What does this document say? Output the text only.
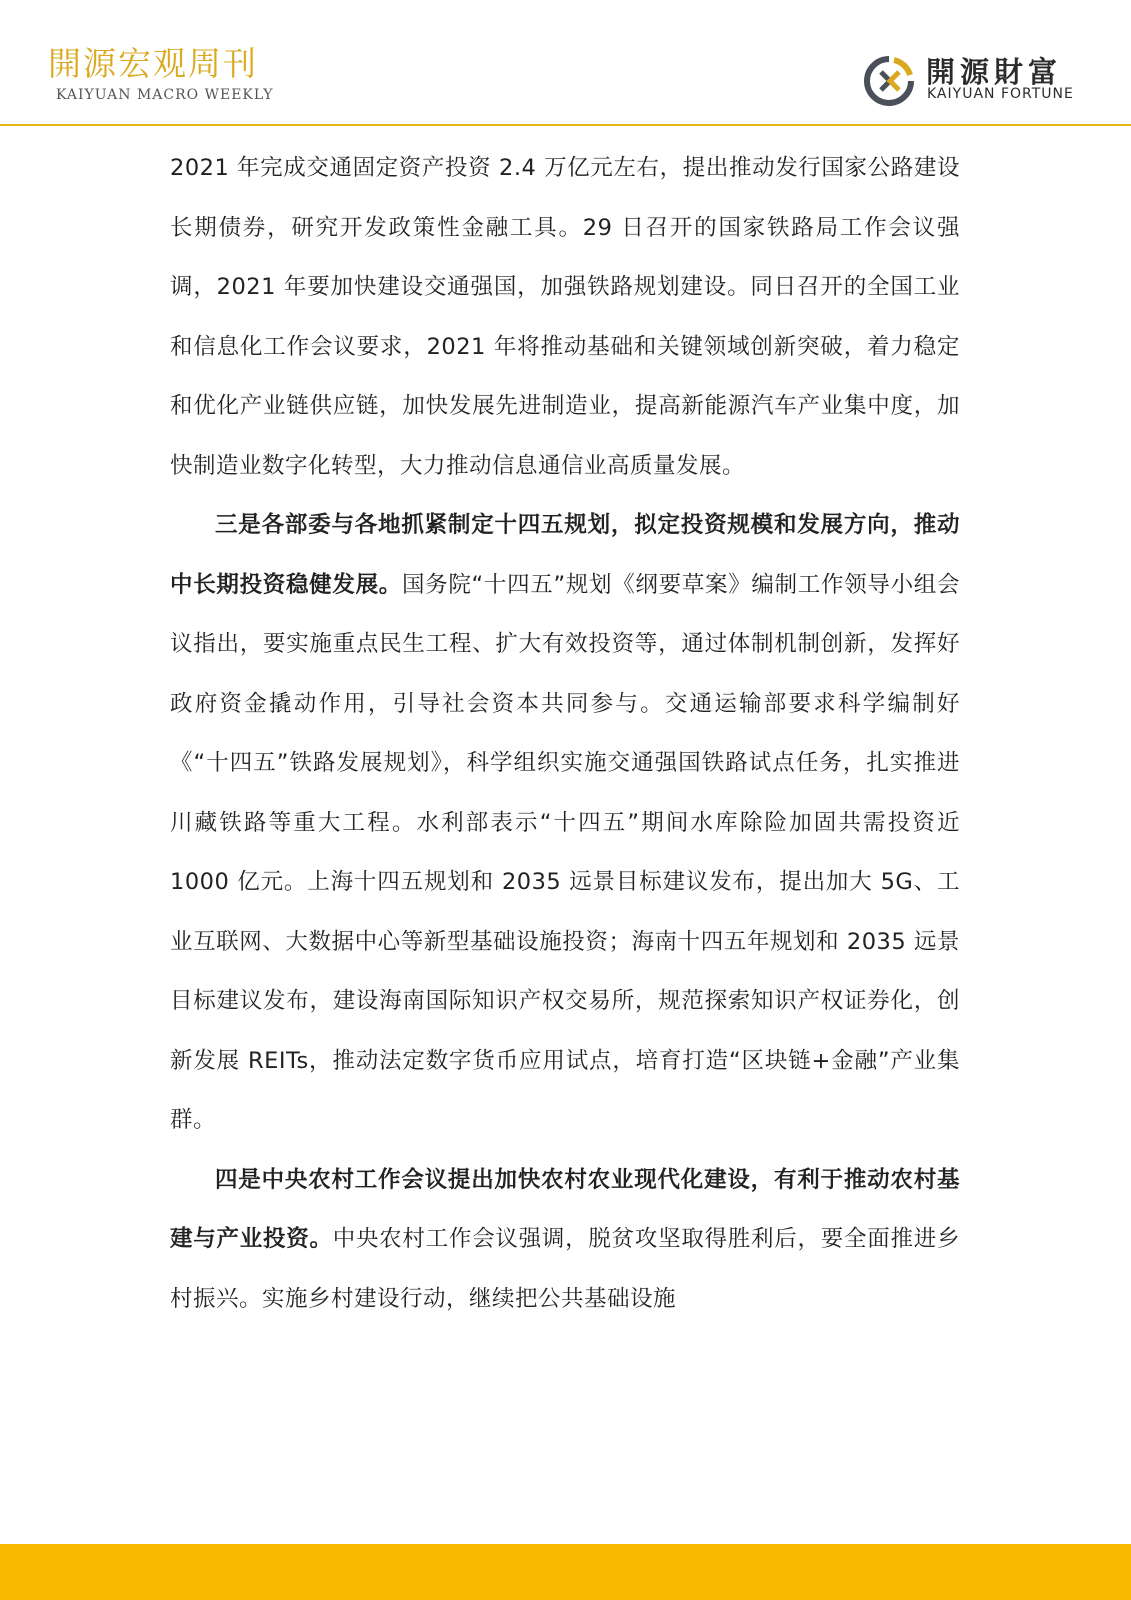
開源宏观周刊
KAIYUAN MACRO WEEKLY
開源財富
KAIYUAN FORTUNE

2021 年完成交通固定资产投资 2.4 万亿元左右，提出推动发行国家公路建设长期债券，研究开发政策性金融工具。29 日召开的国家铁路局工作会议强调，2021 年要加快建设交通强国，加强铁路规划建设。同日召开的全国工业和信息化工作会议要求，2021 年将推动基础和关键领域创新突破，着力稳定和优化产业链供应链，加快发展先进制造业，提高新能源汽车产业集中度，加快制造业数字化转型，大力推动信息通信业高质量发展。

三是各部委与各地抓紧制定十四五规划，拟定投资规模和发展方向，推动中长期投资稳健发展。国务院“十四五”规划《纲要草案》编制工作领导小组会议指出，要实施重点民生工程、扩大有效投资等，通过体制机制创新，发挥好政府资金撬动作用，引导社会资本共同参与。交通运输部要求科学编制好《“十四五”铁路发展规划》，科学组织实施交通强国铁路试点任务，扎实推进川藏铁路等重大工程。水利部表示“十四五”期间水库除险加固共需投资近 1000 亿元。上海十四五规划和 2035 远景目标建议发布，提出加大 5G、工业互联网、大数据中心等新型基础设施投资；海南十四五年规划和 2035 远景目标建议发布，建设海南国际知识产权交易所，规范探索知识产权证券化，创新发展 REITs，推动法定数字货币应用试点，培育打造“区块链+金融”产业集群。

四是中央农村工作会议提出加快农村农业现代化建设，有利于推动农村基建与产业投资。中央农村工作会议强调，脱贫攻坚取得胜利后，要全面推进乡村振兴。实施乡村建设行动，继续把公共基础设施
